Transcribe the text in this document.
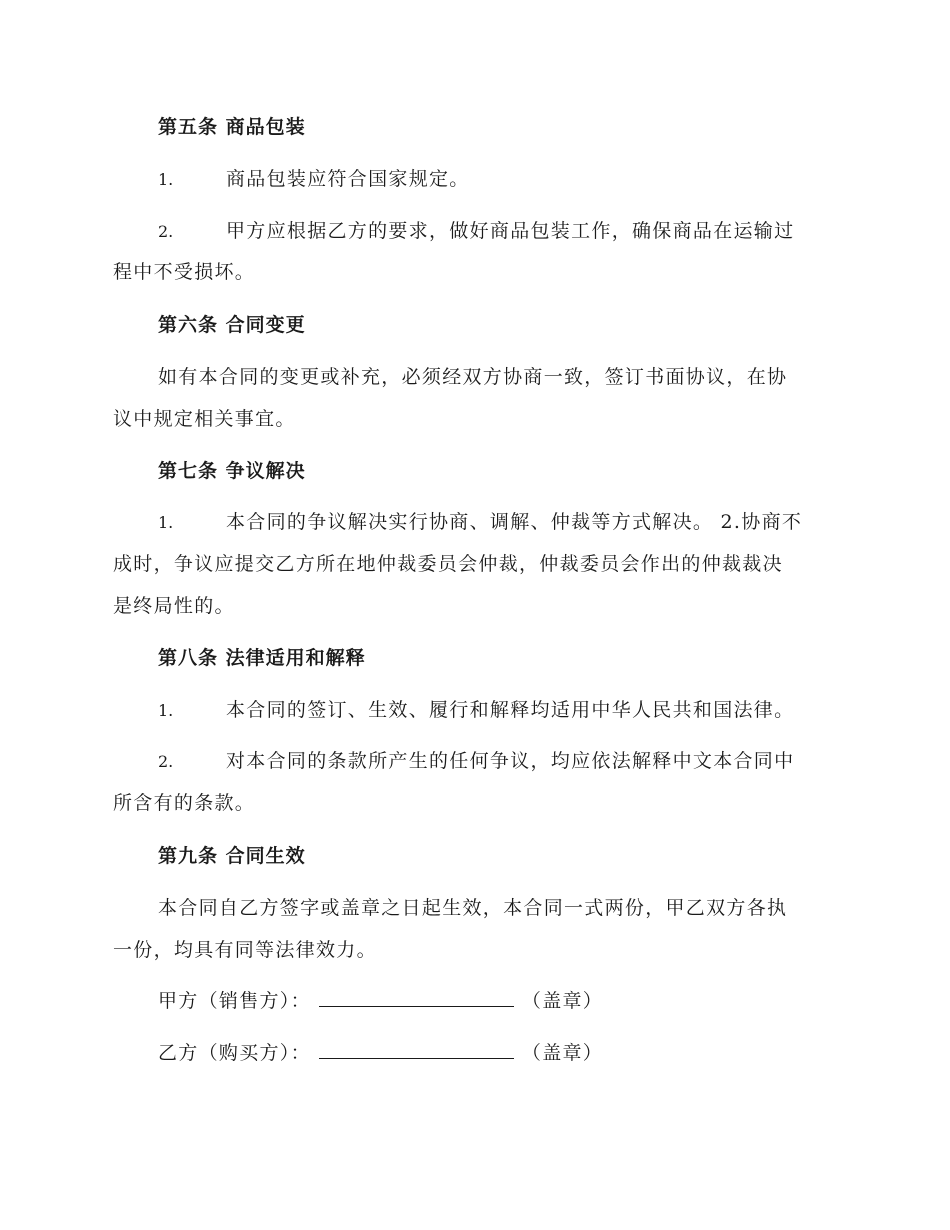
第五条 商品包装

1.	商品包装应符合国家规定。

2.	甲方应根据乙方的要求，做好商品包装工作，确保商品在运输过

程中不受损坏。

第六条 合同变更

如有本合同的变更或补充，必须经双方协商一致，签订书面协议，在协

议中规定相关事宜。

第七条 争议解决

1.	本合同的争议解决实行协商、调解、仲裁等方式解决。 2.协商不

成时，争议应提交乙方所在地仲裁委员会仲裁，仲裁委员会作出的仲裁裁决

是终局性的。

第八条 法律适用和解释

1.	本合同的签订、生效、履行和解释均适用中华人民共和国法律。

2.	对本合同的条款所产生的任何争议，均应依法解释中文本合同中

所含有的条款。

第九条 合同生效

本合同自乙方签字或盖章之日起生效，本合同一式两份，甲乙双方各执

一份，均具有同等法律效力。

甲方（销售方）：	（盖章）

乙方（购买方）：	（盖章）
